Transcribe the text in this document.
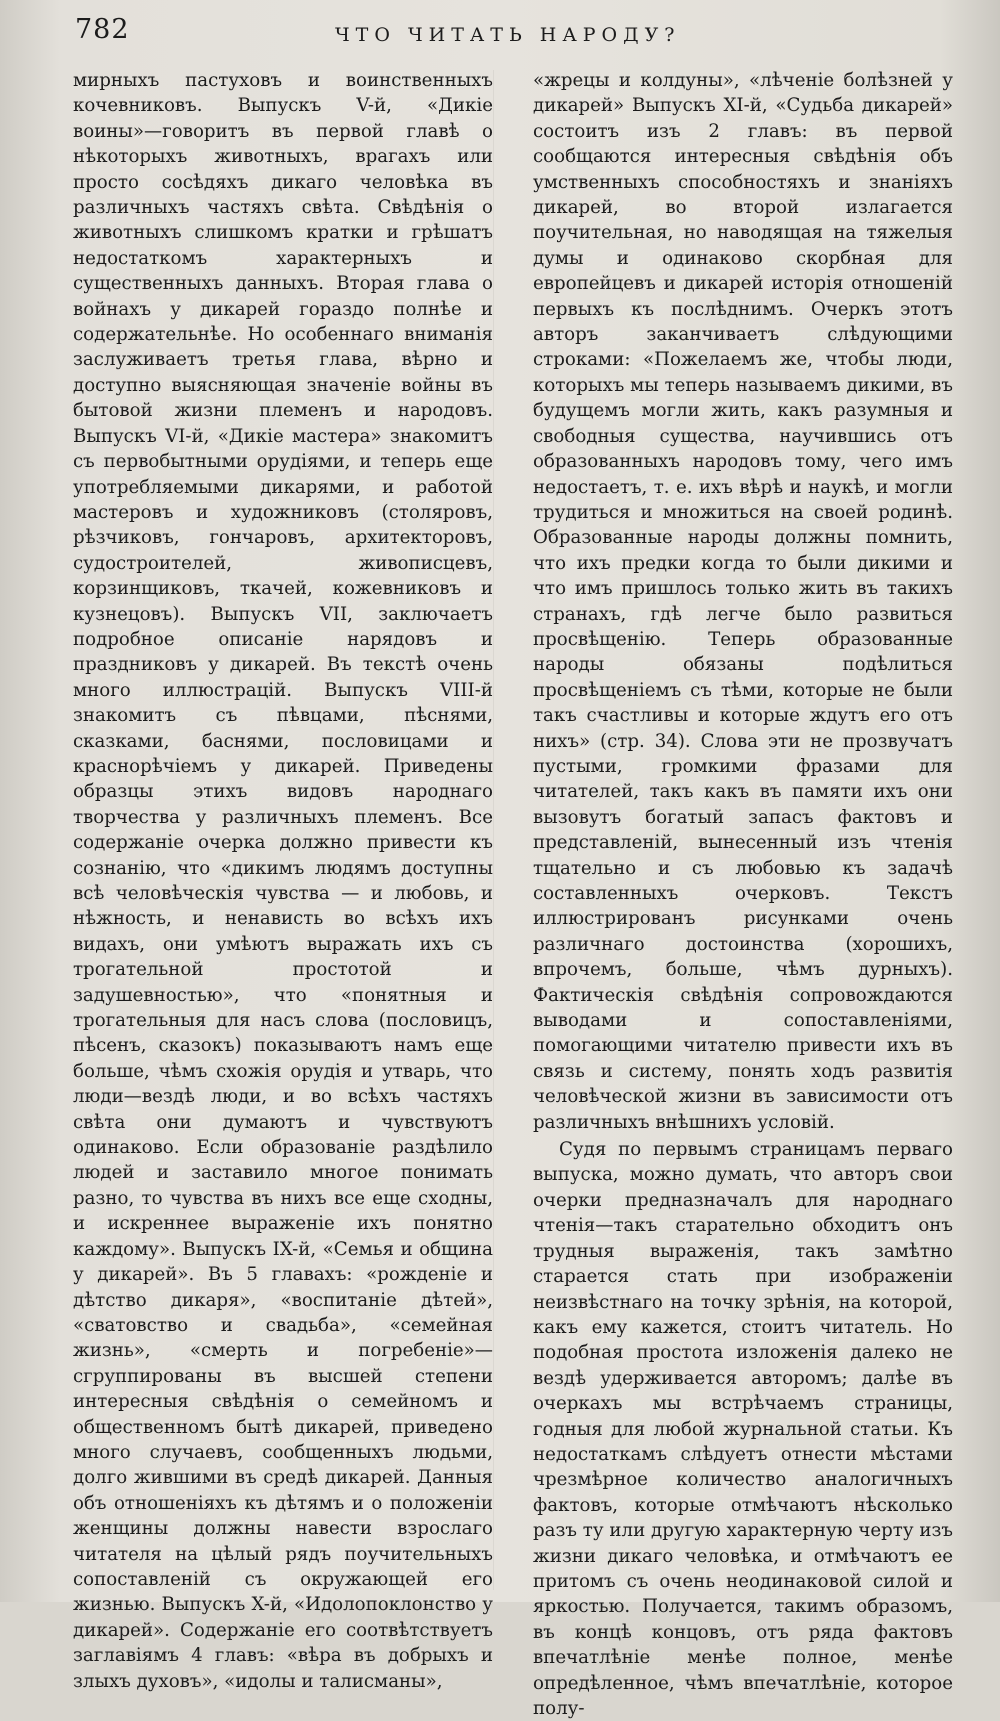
782	ЧТО ЧИТАТЬ НАРОДУ?

мирныхъ пастуховъ и воинственныхъ кочевниковъ. Выпускъ V-й, «Дикiе воины»—говоритъ въ первой главѣ о нѣкоторыхъ животныхъ, врагахъ или просто сосѣдяхъ дикаго человѣка въ различныхъ частяхъ свѣта. Свѣдѣнiя о животныхъ слишкомъ кратки и грѣшатъ недостаткомъ характерныхъ и существенныхъ данныхъ. Вторая глава о войнахъ у дикарей гораздо полнѣе и содержательнѣе. Но особеннаго вниманiя заслуживаетъ третья глава, вѣрно и доступно выясняющая значенiе войны въ бытовой жизни племенъ и народовъ. Выпускъ VI-й, «Дикiе мастера» знакомитъ съ первобытными орудiями, и теперь еще употребляемыми дикарями, и работой мастеровъ и художниковъ (столяровъ, рѣзчиковъ, гончаровъ, архитекторовъ, судостроителей, живописцевъ, корзинщиковъ, ткачей, кожевниковъ и кузнецовъ). Выпускъ VII, заключаетъ подробное описанiе нарядовъ и праздниковъ у дикарей. Въ текстѣ очень много иллюстрацiй. Выпускъ VIII-й знакомитъ съ пѣвцами, пѣснями, сказками, баснями, пословицами и краснорѣчiемъ у дикарей. Приведены образцы этихъ видовъ народнаго творчества у различныхъ племенъ. Все содержанiе очерка должно привести къ сознанiю, что «дикимъ людямъ доступны всѣ человѣческiя чувства — и любовь, и нѣжность, и ненависть во всѣхъ ихъ видахъ, они умѣютъ выражать ихъ съ трогательной простотой и задушевностью», что «понятныя и трогательныя для насъ слова (пословицъ, пѣсенъ, сказокъ) показываютъ намъ еще больше, чѣмъ схожiя орудiя и утварь, что люди—вездѣ люди, и во всѣхъ частяхъ свѣта они думаютъ и чувствуютъ одинаково. Если образованiе раздѣлило людей и заставило многое понимать разно, то чувства въ нихъ все еще сходны, и искреннее выраженiе ихъ понятно каждому». Выпускъ IX-й, «Семья и община у дикарей». Въ 5 главахъ: «рожденiе и дѣтство дикаря», «воспитанiе дѣтей», «сватовство и свадьба», «семейная жизнь», «смерть и погребенiе»—сгруппированы въ высшей степени интересныя свѣдѣнiя о семейномъ и общественномъ бытѣ дикарей, приведено много случаевъ, сообщенныхъ людьми, долго жившими въ средѣ дикарей. Данныя объ отношенiяхъ къ дѣтямъ и о положенiи женщины должны навести взрослаго читателя на цѣлый рядъ поучительныхъ сопоставленiй съ окружающей его жизнью. Выпускъ X-й, «Идолопоклонство у дикарей». Содержанiе его соотвѣтствуетъ заглавiямъ 4 главъ: «вѣра въ добрыхъ и злыхъ духовъ», «идолы и талисманы»,

«жрецы и колдуны», «лѣченiе болѣзней у дикарей» Выпускъ XI-й, «Судьба дикарей» состоитъ изъ 2 главъ: въ первой сообщаются интересныя свѣдѣнiя объ умственныхъ способностяхъ и знанiяхъ дикарей, во второй излагается поучительная, но наводящая на тяжелыя думы и одинаково скорбная для европейцевъ и дикарей исторiя отношенiй первыхъ къ послѣднимъ. Очеркъ этотъ авторъ заканчиваетъ слѣдующими строками: «Пожелаемъ же, чтобы люди, которыхъ мы теперь называемъ дикими, въ будущемъ могли жить, какъ разумныя и свободныя существа, научившись отъ образованныхъ народовъ тому, чего имъ недостаетъ, т. е. ихъ вѣрѣ и наукѣ, и могли трудиться и множиться на своей родинѣ. Образованные народы должны помнить, что ихъ предки когда то были дикими и что имъ пришлось только жить въ такихъ странахъ, гдѣ легче было развиться просвѣщенiю. Теперь образованные народы обязаны подѣлиться просвѣщенiемъ съ тѣми, которые не были такъ счастливы и которые ждутъ его отъ нихъ» (стр. 34). Слова эти не прозвучатъ пустыми, громкими фразами для читателей, такъ какъ въ памяти ихъ они вызовутъ богатый запасъ фактовъ и представленiй, вынесенный изъ чтенiя тщательно и съ любовью къ задачѣ составленныхъ очерковъ. Текстъ иллюстрированъ рисунками очень различнаго достоинства (хорошихъ, впрочемъ, больше, чѣмъ дурныхъ). Фактическiя свѣдѣнiя сопровождаются выводами и сопоставленiями, помогающими читателю привести ихъ въ связь и систему, понять ходъ развитiя человѣческой жизни въ зависимости отъ различныхъ внѣшнихъ условiй.

Судя по первымъ страницамъ перваго выпуска, можно думать, что авторъ свои очерки предназначалъ для народнаго чтенiя—такъ старательно обходитъ онъ трудныя выраженiя, такъ замѣтно старается стать при изображенiи неизвѣстнаго на точку зрѣнiя, на которой, какъ ему кажется, стоитъ читатель. Но подобная простота изложенiя далеко не вездѣ удерживается авторомъ; далѣе въ очеркахъ мы встрѣчаемъ страницы, годныя для любой журнальной статьи. Къ недостаткамъ слѣдуетъ отнести мѣстами чрезмѣрное количество аналогичныхъ фактовъ, которые отмѣчаютъ нѣсколько разъ ту или другую характерную черту изъ жизни дикаго человѣка, и отмѣчаютъ ее притомъ съ очень неодинаковой силой и яркостью. Получается, такимъ образомъ, въ концѣ концовъ, отъ ряда фактовъ впечатлѣнiе менѣе полное, менѣе опредѣленное, чѣмъ впечатлѣнiе, которое полу-
